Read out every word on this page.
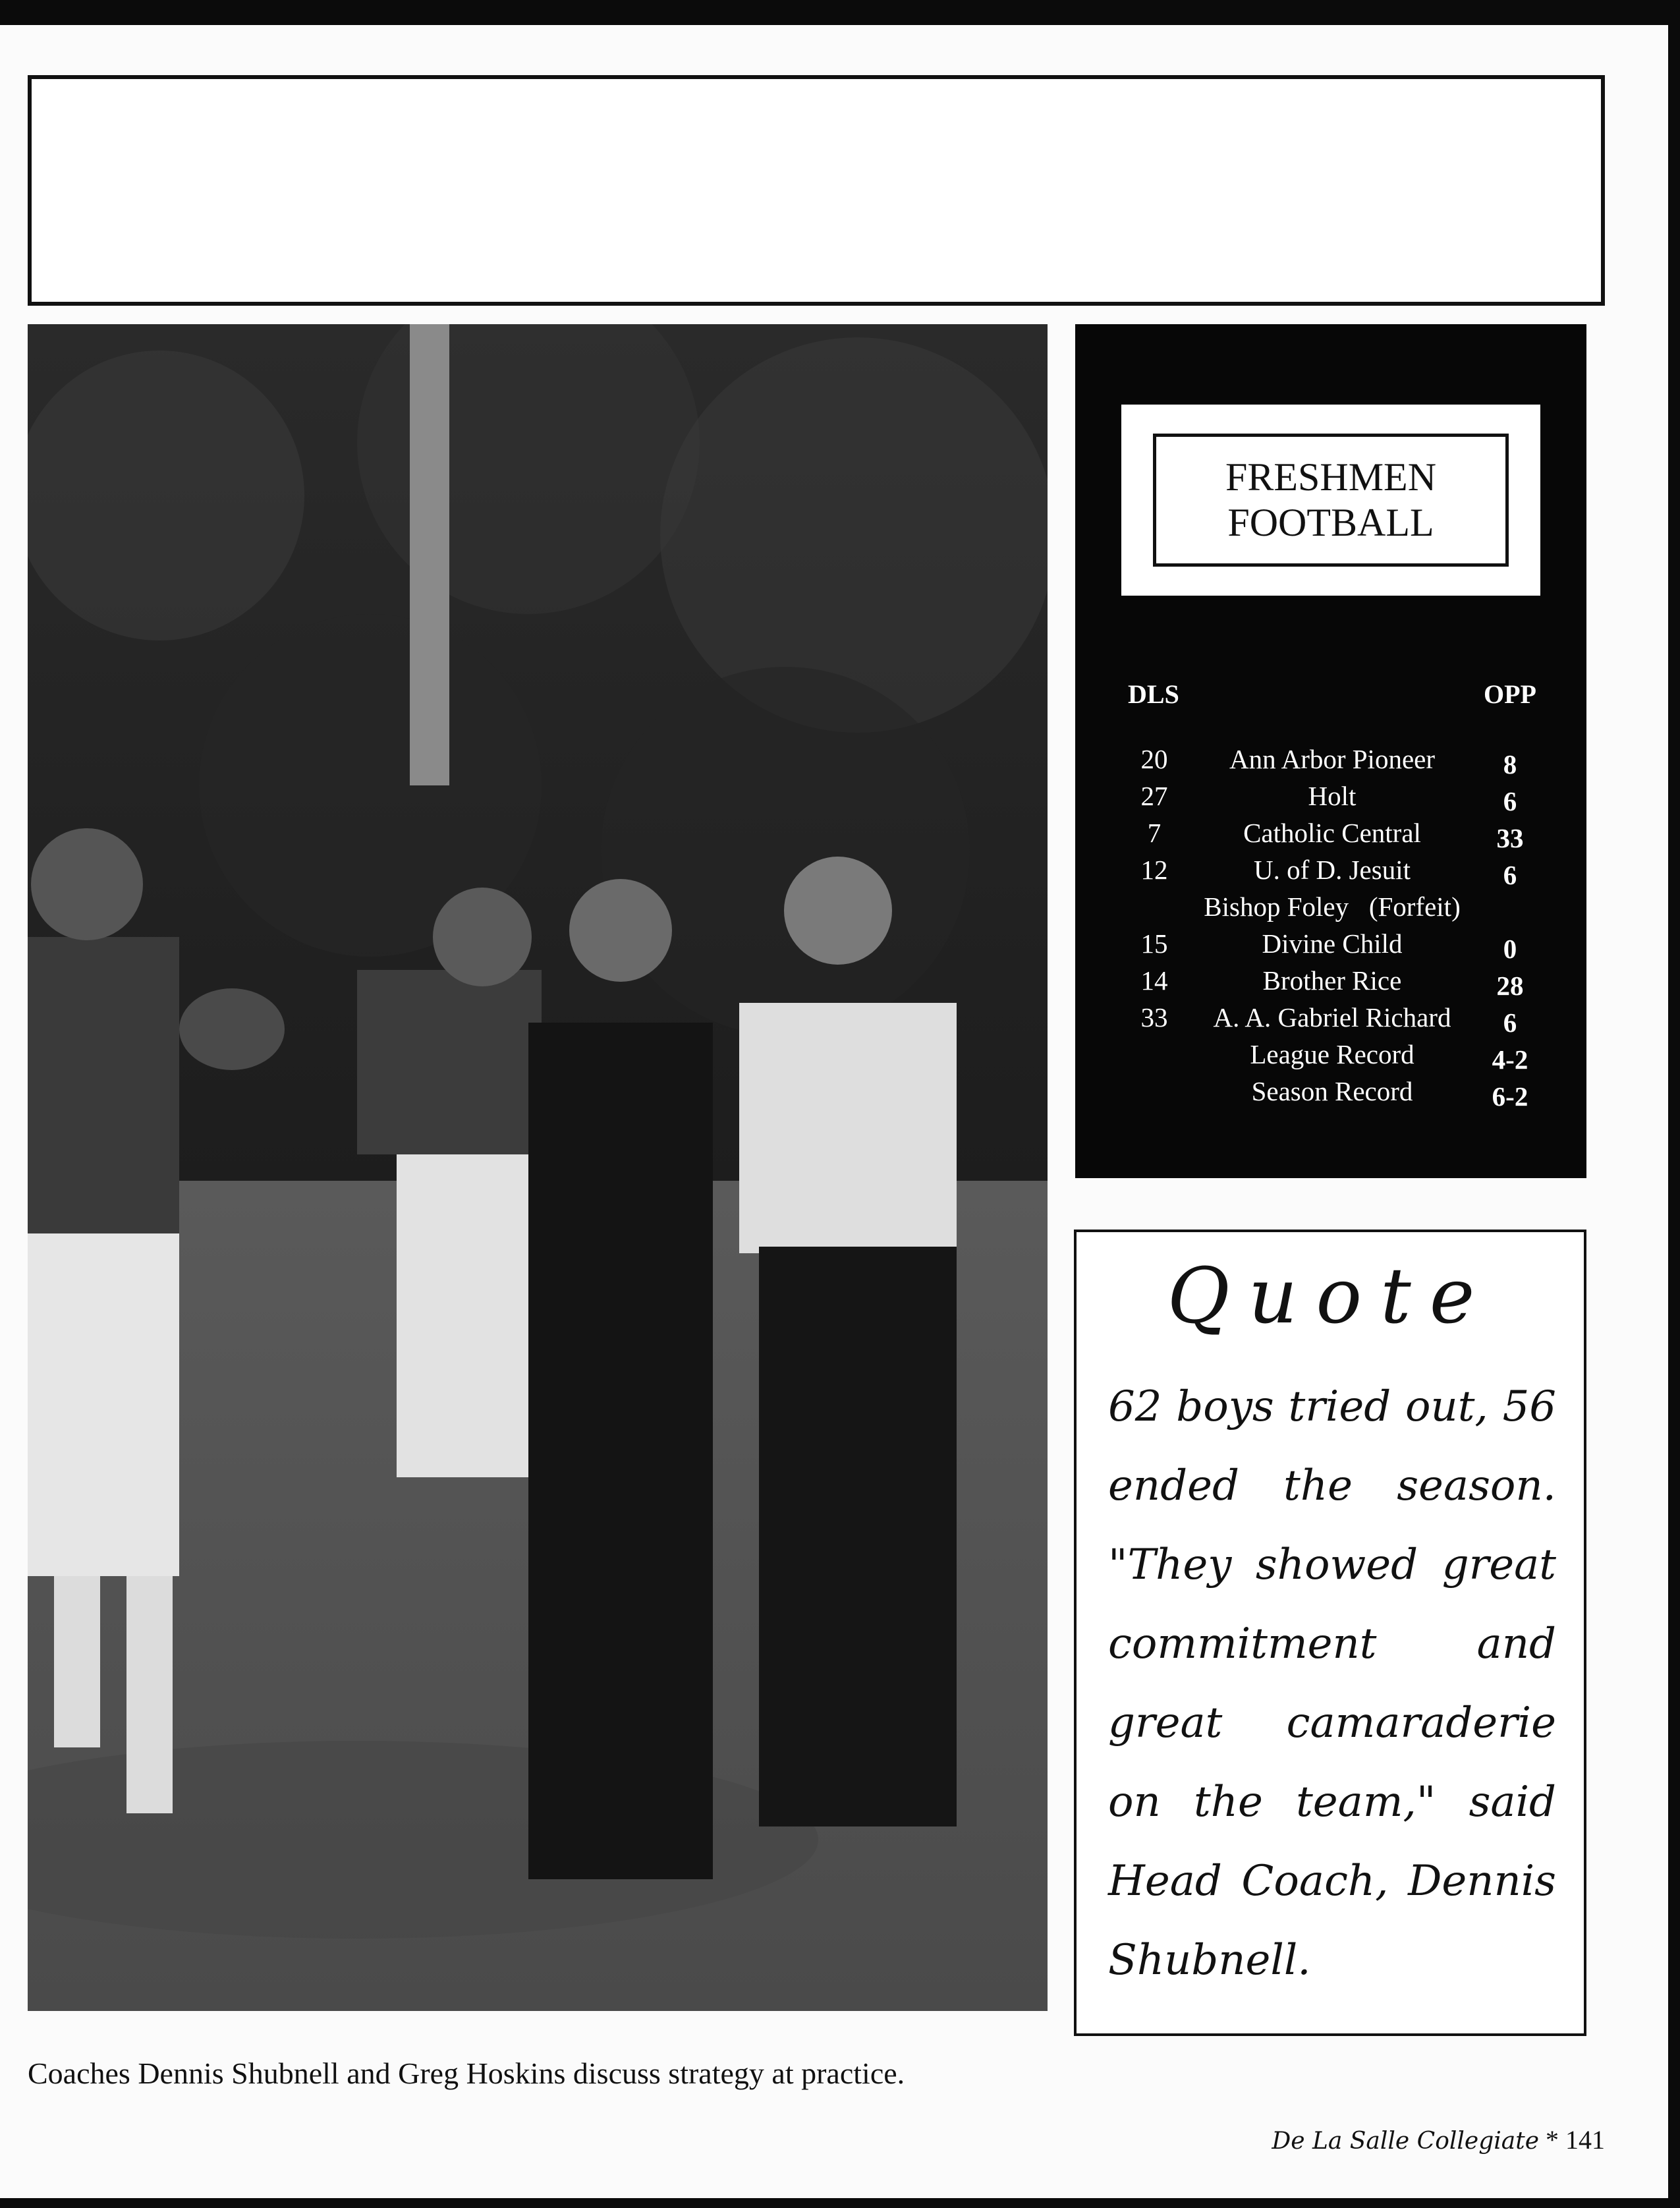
Coaches Dennis Shubnell and Greg Hoskins discuss strategy at practice.
FRESHMEN
FOOTBALL
DLS	OPP
20	Ann Arbor Pioneer	8
27	Holt	6
7	Catholic Central	33
12	U. of D. Jesuit	6
Bishop Foley   (Forfeit)
15	Divine Child	0
14	Brother Rice	28
33	A. A. Gabriel Richard	6
League Record	4-2
Season Record	6-2
Quote
62 boys tried out, 56 ended the season. "They showed great commitment and great camaraderie on the team," said Head Coach, Dennis Shubnell.
De La Salle Collegiate * 141
